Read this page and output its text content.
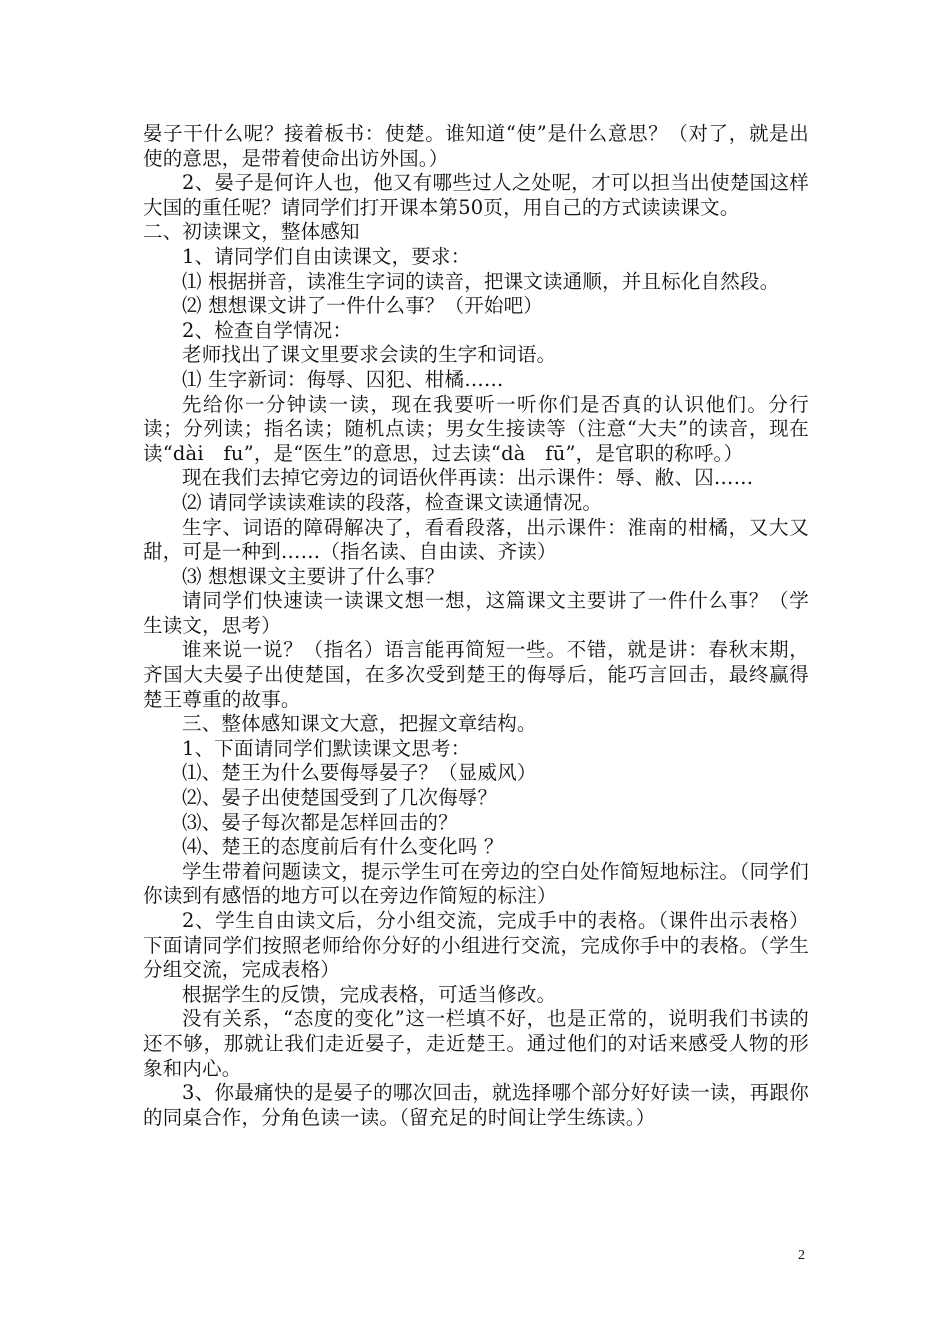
晏子干什么呢？接着板书：使楚。谁知道“使”是什么意思？（对了，就是出使的意思，是带着使命出访外国。）

2、晏子是何许人也，他又有哪些过人之处呢，才可以担当出使楚国这样大国的重任呢？请同学们打开课本第50页，用自己的方式读读课文。

二、初读课文，整体感知

1、请同学们自由读课文，要求：

⑴ 根据拼音，读准生字词的读音，把课文读通顺，并且标化自然段。

⑵ 想想课文讲了一件什么事？（开始吧）

2、检查自学情况：

老师找出了课文里要求会读的生字和词语。

⑴ 生字新词：侮辱、囚犯、柑橘……

先给你一分钟读一读，现在我要听一听你们是否真的认识他们。分行读；分列读；指名读；随机点读；男女生接读等（注意“大夫”的读音，现在读“dài　fu”，是“医生”的意思，过去读“dà　fū”，是官职的称呼。）

现在我们去掉它旁边的词语伙伴再读：出示课件：辱、敝、囚……

⑵ 请同学读读难读的段落，检查课文读通情况。

生字、词语的障碍解决了，看看段落，出示课件：淮南的柑橘，又大又甜，可是一种到……（指名读、自由读、齐读）

⑶ 想想课文主要讲了什么事？

请同学们快速读一读课文想一想，这篇课文主要讲了一件什么事？（学生读文，思考）

谁来说一说？（指名）语言能再简短一些。不错，就是讲：春秋末期，齐国大夫晏子出使楚国，在多次受到楚王的侮辱后，能巧言回击，最终赢得楚王尊重的故事。

三、整体感知课文大意，把握文章结构。

1、下面请同学们默读课文思考：

⑴、楚王为什么要侮辱晏子？（显威风）

⑵、晏子出使楚国受到了几次侮辱？

⑶、晏子每次都是怎样回击的？

⑷、楚王的态度前后有什么变化吗 ？

学生带着问题读文，提示学生可在旁边的空白处作简短地标注。（同学们你读到有感悟的地方可以在旁边作简短的标注）

2、学生自由读文后，分小组交流，完成手中的表格。（课件出示表格）下面请同学们按照老师给你分好的小组进行交流，完成你手中的表格。（学生分组交流，完成表格）

根据学生的反馈，完成表格，可适当修改。

没有关系，“态度的变化”这一栏填不好，也是正常的，说明我们书读的还不够，那就让我们走近晏子，走近楚王。通过他们的对话来感受人物的形象和内心。

3、你最痛快的是晏子的哪次回击，就选择哪个部分好好读一读，再跟你的同桌合作，分角色读一读。（留充足的时间让学生练读。）

2
